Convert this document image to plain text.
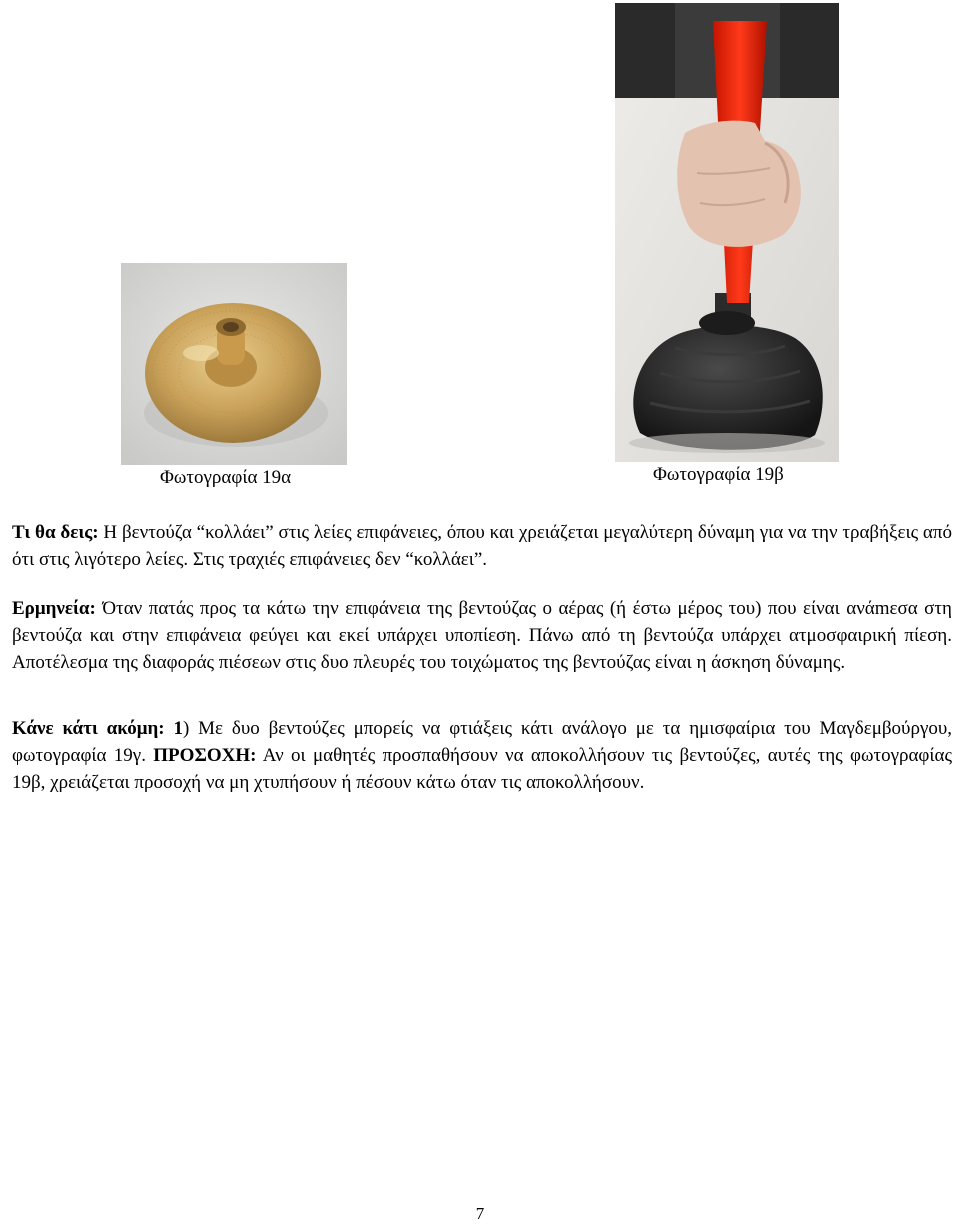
Φωτογραφία 19α	Φωτογραφία 19β

Τι θα δεις: Η βεντούζα “κολλάει” στις λείες επιφάνειες, όπου και χρειάζεται μεγαλύτερη δύναμη για να την τραβήξεις από ότι στις λιγότερο λείες. Στις τραχιές επιφάνειες δεν “κολλάει”.

Ερμηνεία: Όταν πατάς προς τα κάτω την επιφάνεια της βεντούζας ο αέρας (ή έστω μέρος του) που είναι ανάmεσα στη βεντούζα και στην επιφάνεια φεύγει και εκεί υπάρχει υποπίεση. Πάνω από τη βεντούζα υπάρχει ατμοσφαιρική πίεση. Αποτέλεσμα της διαφοράς πιέσεων στις δυο πλευρές του τοιχώματος της βεντούζας είναι η άσκηση δύναμης.

Κάνε κάτι ακόμη: 1) Με δυο βεντούζες μπορείς να φτιάξεις κάτι ανάλογο με τα ημισφαίρια του Μαγδεμβούργου, φωτογραφία 19γ. ΠΡΟΣΟΧΗ: Αν οι μαθητές προσπαθήσουν να αποκολλήσουν τις βεντούζες, αυτές της φωτογραφίας 19β, χρειάζεται προσοχή να μη χτυπήσουν ή πέσουν κάτω όταν τις αποκολλήσουν.

7
